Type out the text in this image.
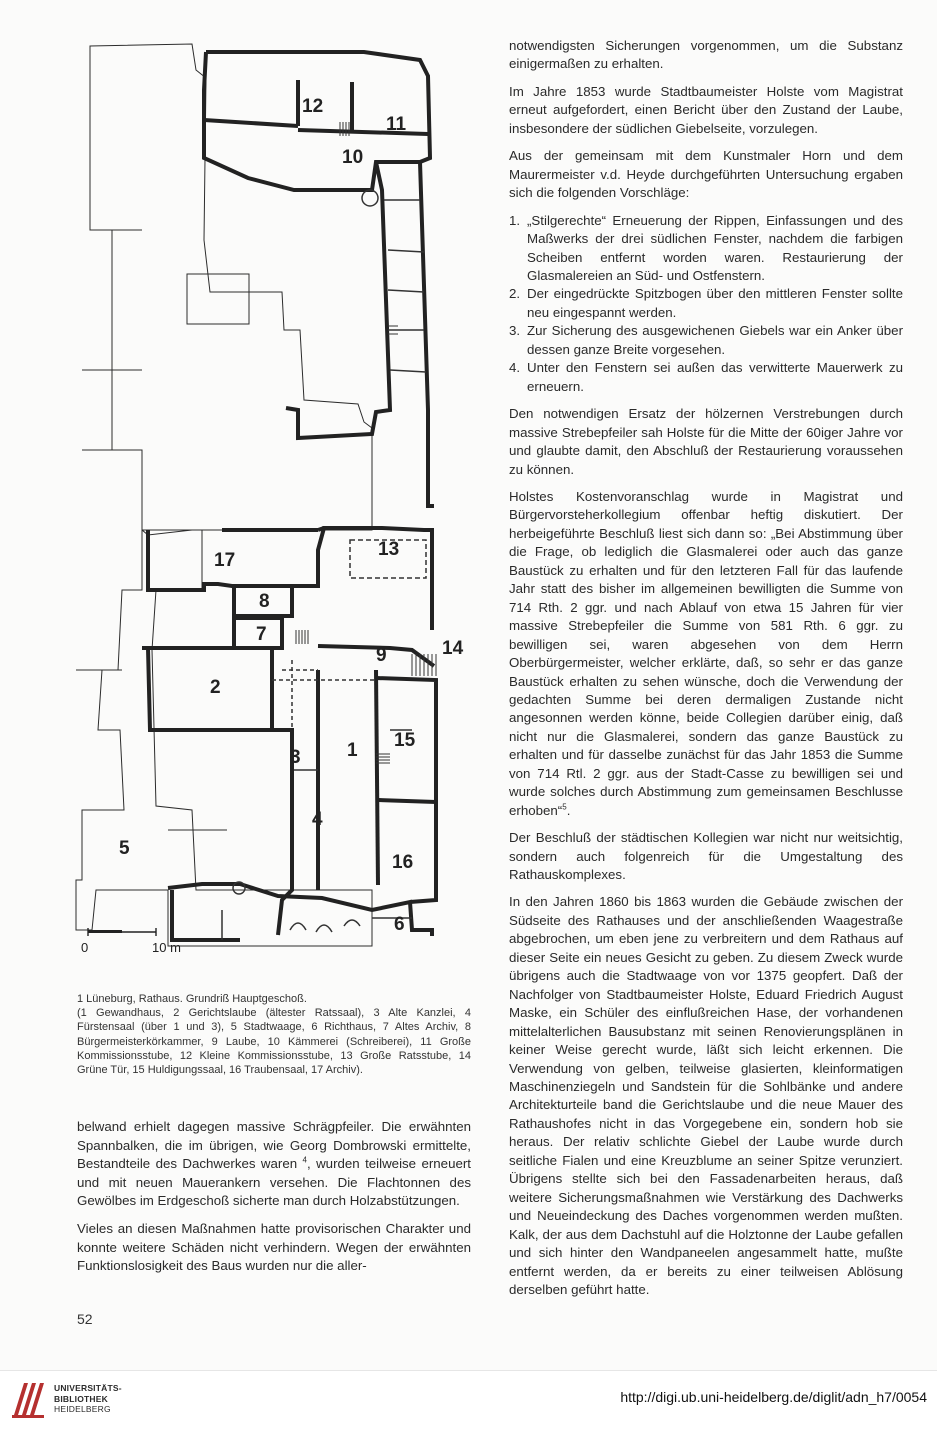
12
11
10
13
17
8
7
9	14
2
3 1 15
4
5
16
6
0	10 m

1 Lüneburg, Rathaus. Grundriß Hauptgeschoß.

(1 Gewandhaus, 2 Gerichtslaube (ältester Ratssaal), 3 Alte Kanzlei, 4 Fürstensaal (über 1 und 3), 5 Stadtwaage, 6 Richthaus, 7 Altes Archiv, 8 Bürgermeisterkörkammer, 9 Laube, 10 Kämmerei (Schreiberei), 11 Große Kommissionsstube, 12 Kleine Kommissionsstube, 13 Große Ratsstube, 14 Grüne Tür, 15 Huldigungssaal, 16 Traubensaal, 17 Archiv).

belwand erhielt dagegen massive Schrägpfeiler. Die erwähnten Spannbalken, die im übrigen, wie Georg Dombrowski ermittelte, Bestandteile des Dachwerkes waren $^4$, wurden teilweise erneuert und mit neuen Mauerankern versehen. Die Flachtonnen des Gewölbes im Erdgeschoß sicherte man durch Holzabstützungen.

Vieles an diesen Maßnahmen hatte provisorischen Charakter und konnte weitere Schäden nicht verhindern. Wegen der erwähnten Funktionslosigkeit des Baus wurden nur die aller-

notwendigsten Sicherungen vorgenommen, um die Substanz einigermaßen zu erhalten.

Im Jahre 1853 wurde Stadtbaumeister Holste vom Magistrat erneut aufgefordert, einen Bericht über den Zustand der Laube, insbesondere der südlichen Giebelseite, vorzulegen.

Aus der gemeinsam mit dem Kunstmaler Horn und dem Maurermeister v.d. Heyde durchgeführten Untersuchung ergaben sich die folgenden Vorschläge:

1. „Stilgerechte“ Erneuerung der Rippen, Einfassungen und des Maßwerks der drei südlichen Fenster, nachdem die farbigen Scheiben entfernt worden waren. Restaurierung der Glasmalereien an Süd- und Ostfenstern.
2. Der eingedrückte Spitzbogen über den mittleren Fenster sollte neu eingespannt werden.
3. Zur Sicherung des ausgewichenen Giebels war ein Anker über dessen ganze Breite vorgesehen.
4. Unter den Fenstern sei außen das verwitterte Mauerwerk zu erneuern.

Den notwendigen Ersatz der hölzernen Verstrebungen durch massive Strebepfeiler sah Holste für die Mitte der 60iger Jahre vor und glaubte damit, den Abschluß der Restaurierung voraussehen zu können.

Holstes Kostenvoranschlag wurde in Magistrat und Bürgervorsteherkollegium offenbar heftig diskutiert. Der herbeigeführte Beschluß liest sich dann so: „Bei Abstimmung über die Frage, ob lediglich die Glasmalerei oder auch das ganze Baustück zu erhalten und für den letzteren Fall für das laufende Jahr statt des bisher im allgemeinen bewilligten die Summe von 714 Rth. 2 ggr. und nach Ablauf von etwa 15 Jahren für vier massive Strebepfeiler die Summe von 581 Rth. 6 ggr. zu bewilligen sei, waren abgesehen von dem Herrn Oberbürgermeister, welcher erklärte, daß, so sehr er das ganze Baustück erhalten zu sehen wünsche, doch die Verwendung der gedachten Summe bei deren dermaligen Zustande nicht angesonnen werden könne, beide Collegien darüber einig, daß nicht nur die Glasmalerei, sondern das ganze Baustück zu erhalten und für dasselbe zunächst für das Jahr 1853 die Summe von 714 Rtl. 2 ggr. aus der Stadt-Casse zu bewilligen sei und wurde solches durch Abstimmung zum gemeinsamen Beschlusse erhoben“$^5$.

Der Beschluß der städtischen Kollegien war nicht nur weitsichtig, sondern auch folgenreich für die Umgestaltung des Rathauskomplexes.

In den Jahren 1860 bis 1863 wurden die Gebäude zwischen der Südseite des Rathauses und der anschließenden Waagestraße abgebrochen, um eben jene zu verbreitern und dem Rathaus auf dieser Seite ein neues Gesicht zu geben. Zu diesem Zweck wurde übrigens auch die Stadtwaage von vor 1375 geopfert. Daß der Nachfolger von Stadtbaumeister Holste, Eduard Friedrich August Maske, ein Schüler des einflußreichen Hase, der vorhandenen mittelalterlichen Bausubstanz mit seinen Renovierungsplänen in keiner Weise gerecht wurde, läßt sich leicht erkennen. Die Verwendung von gelben, teilweise glasierten, kleinformatigen Maschinenziegeln und Sandstein für die Sohlbänke und andere Architekturteile band die Gerichtslaube und die neue Mauer des Rathaushofes nicht in das Vorgegebene ein, sondern hob sie heraus. Der relativ schlichte Giebel der Laube wurde durch seitliche Fialen und eine Kreuzblume an seiner Spitze verunziert. Übrigens stellte sich bei den Fassadenarbeiten heraus, daß weitere Sicherungsmaßnahmen wie Verstärkung des Dachwerks und Neueindeckung des Daches vorgenommen werden mußten. Kalk, der aus dem Dachstuhl auf die Holztonne der Laube gefallen und sich hinter den Wandpaneelen angesammelt hatte, mußte entfernt werden, da er bereits zu einer teilweisen Ablösung derselben geführt hatte.

52
UNIVERSITÄTS-
BIBLIOTHEK
HEIDELBERG
http://digi.ub.uni-heidelberg.de/diglit/adn_h7/0054
